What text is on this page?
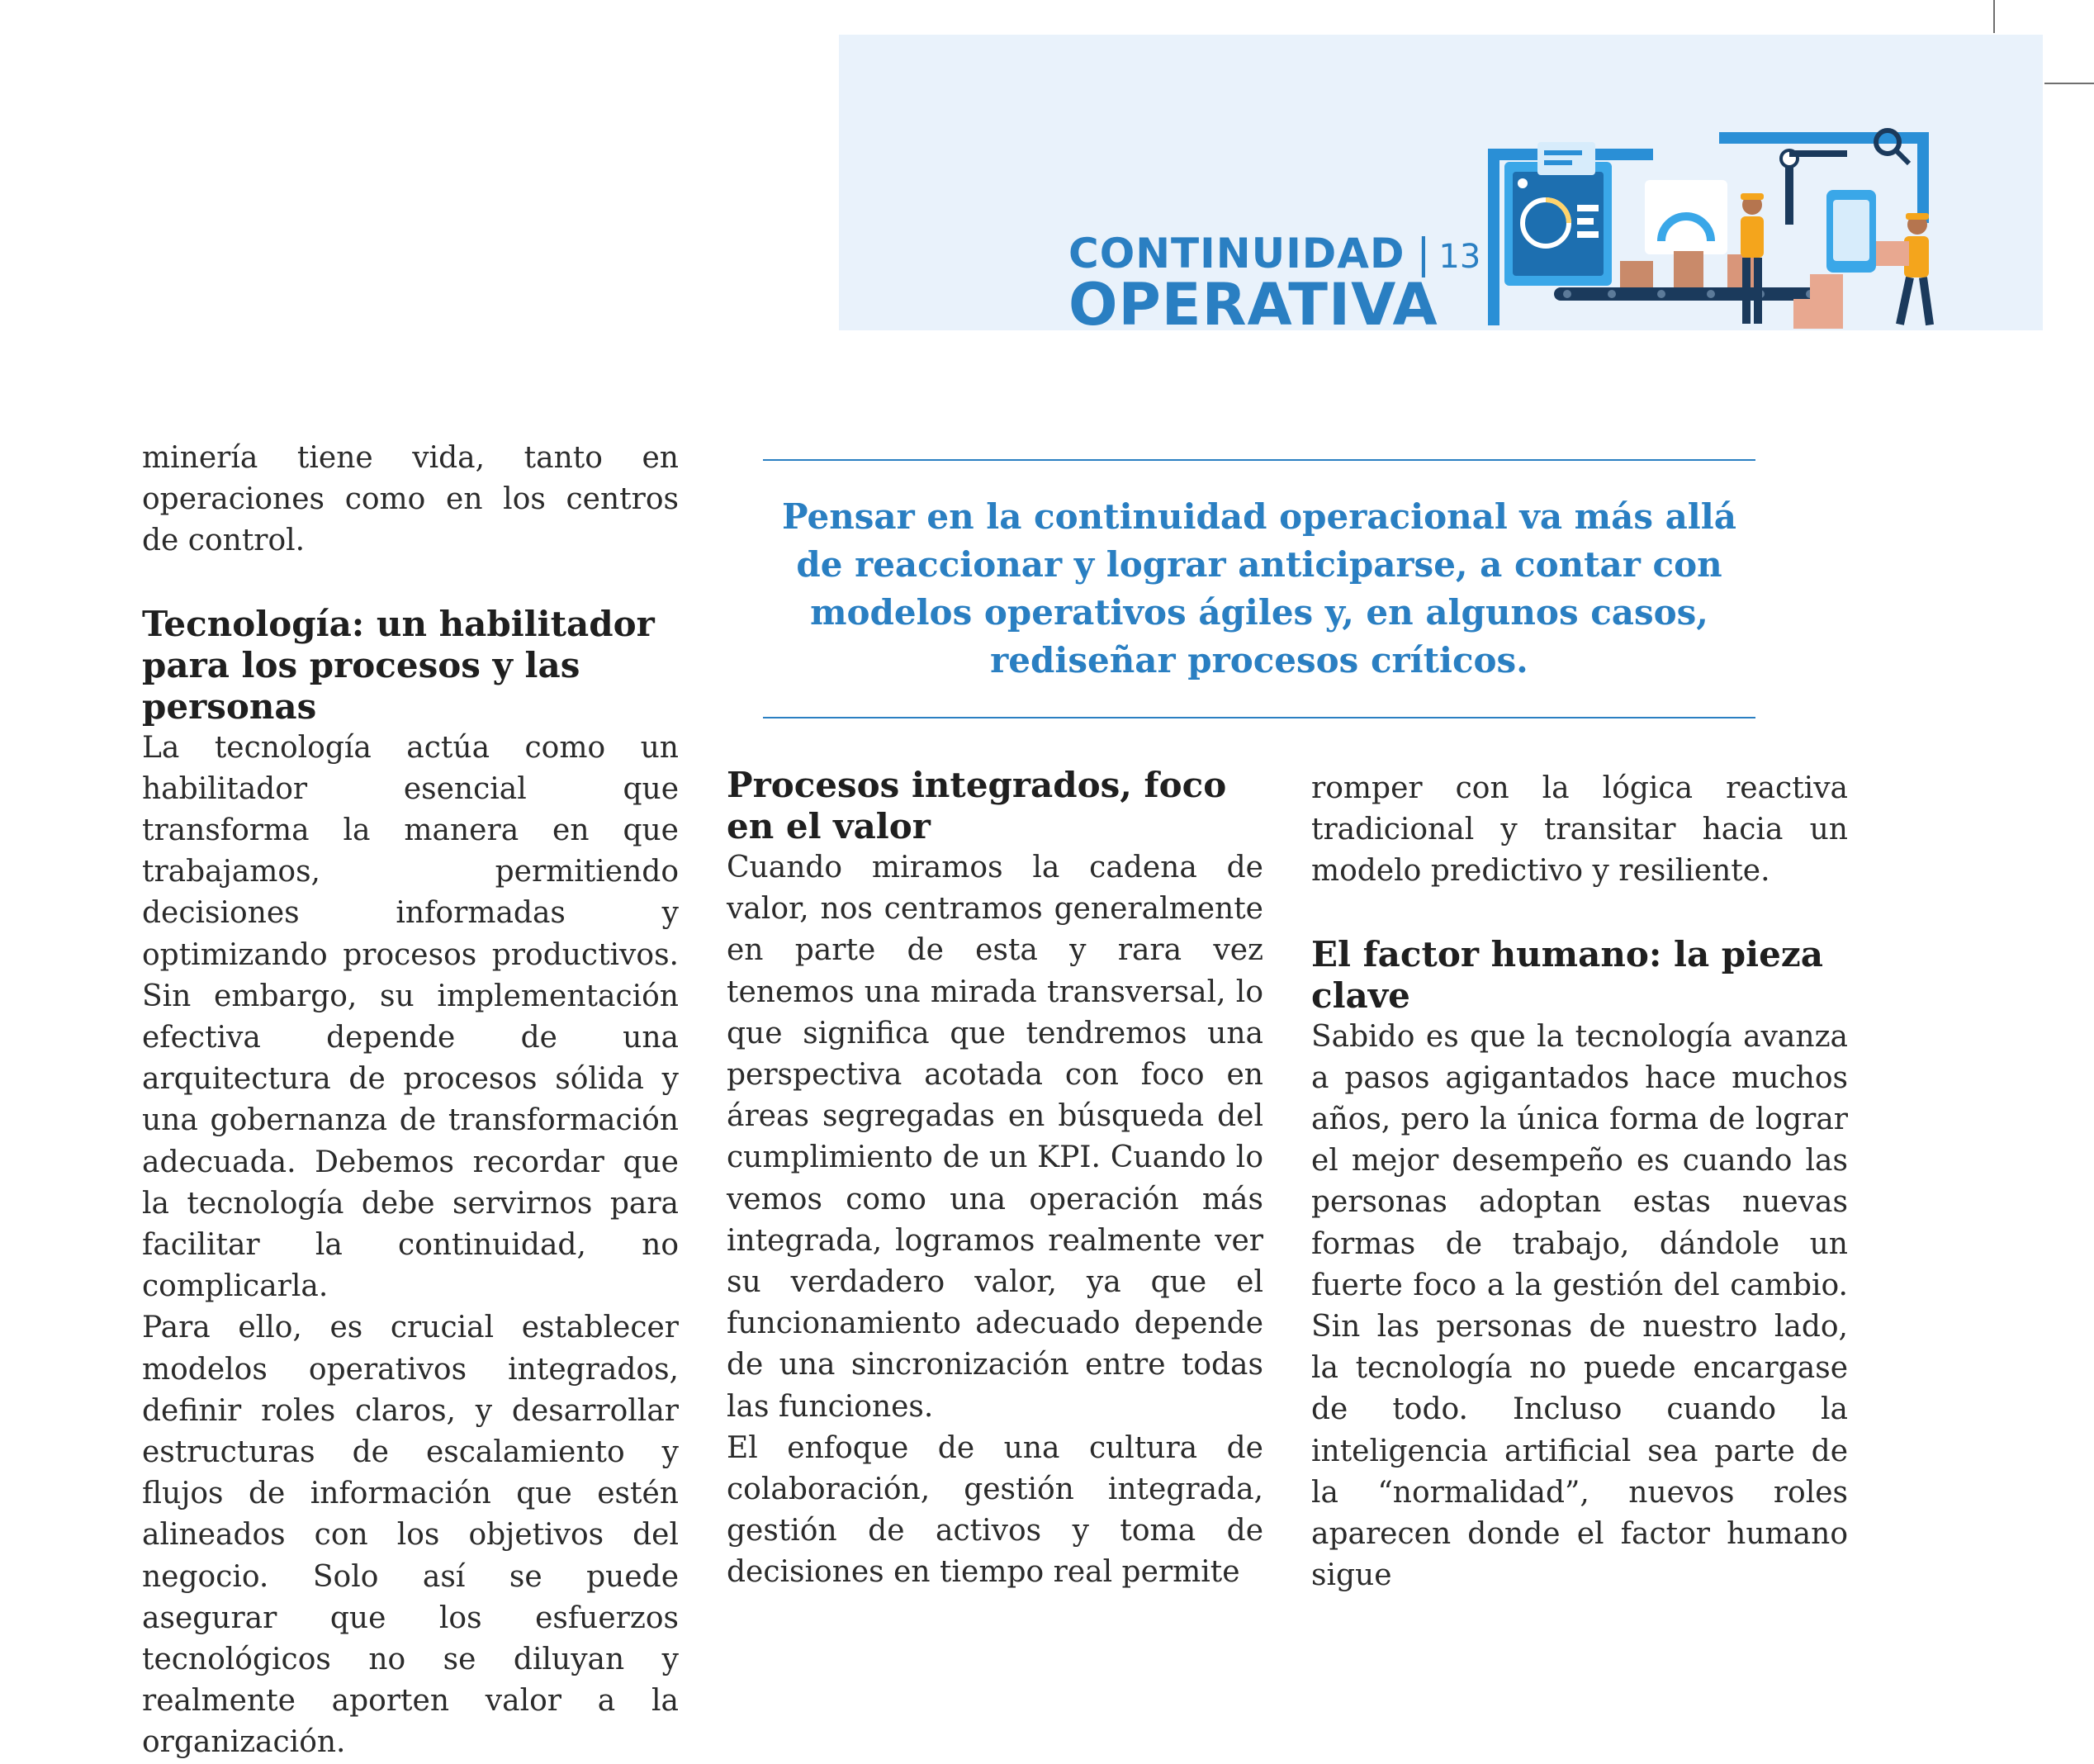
CONTINUIDAD | 13
OPERATIVA

minería tiene vida, tanto en operaciones como en los centros de control.

Tecnología: un habilitador para los procesos y las personas

La tecnología actúa como un habilitador esencial que transforma la manera en que trabajamos, permitiendo decisiones informadas y optimizando procesos productivos. Sin embargo, su implementación efectiva depende de una arquitectura de procesos sólida y una gobernanza de transformación adecuada. Debemos recordar que la tecnología debe servirnos para facilitar la continuidad, no complicarla.

Para ello, es crucial establecer modelos operativos integrados, definir roles claros, y desarrollar estructuras de escalamiento y flujos de información que estén alineados con los objetivos del negocio. Solo así se puede asegurar que los esfuerzos tecnológicos no se diluyan y realmente aporten valor a la organización.

Pensar en la continuidad operacional va más allá de reaccionar y lograr anticiparse, a contar con modelos operativos ágiles y, en algunos casos, rediseñar procesos críticos.

Procesos integrados, foco en el valor

Cuando miramos la cadena de valor, nos centramos generalmente en parte de esta y rara vez tenemos una mirada transversal, lo que significa que tendremos una perspectiva acotada con foco en áreas segregadas en búsqueda del cumplimiento de un KPI. Cuando lo vemos como una operación más integrada, logramos realmente ver su verdadero valor, ya que el funcionamiento adecuado depende de una sincronización entre todas las funciones.

El enfoque de una cultura de colaboración, gestión integrada, gestión de activos y toma de decisiones en tiempo real permite

romper con la lógica reactiva tradicional y transitar hacia un modelo predictivo y resiliente.

El factor humano: la pieza clave

Sabido es que la tecnología avanza a pasos agigantados hace muchos años, pero la única forma de lograr el mejor desempeño es cuando las personas adoptan estas nuevas formas de trabajo, dándole un fuerte foco a la gestión del cambio. Sin las personas de nuestro lado, la tecnología no puede encargase de todo. Incluso cuando la inteligencia artificial sea parte de la “normalidad”, nuevos roles aparecen donde el factor humano sigue
